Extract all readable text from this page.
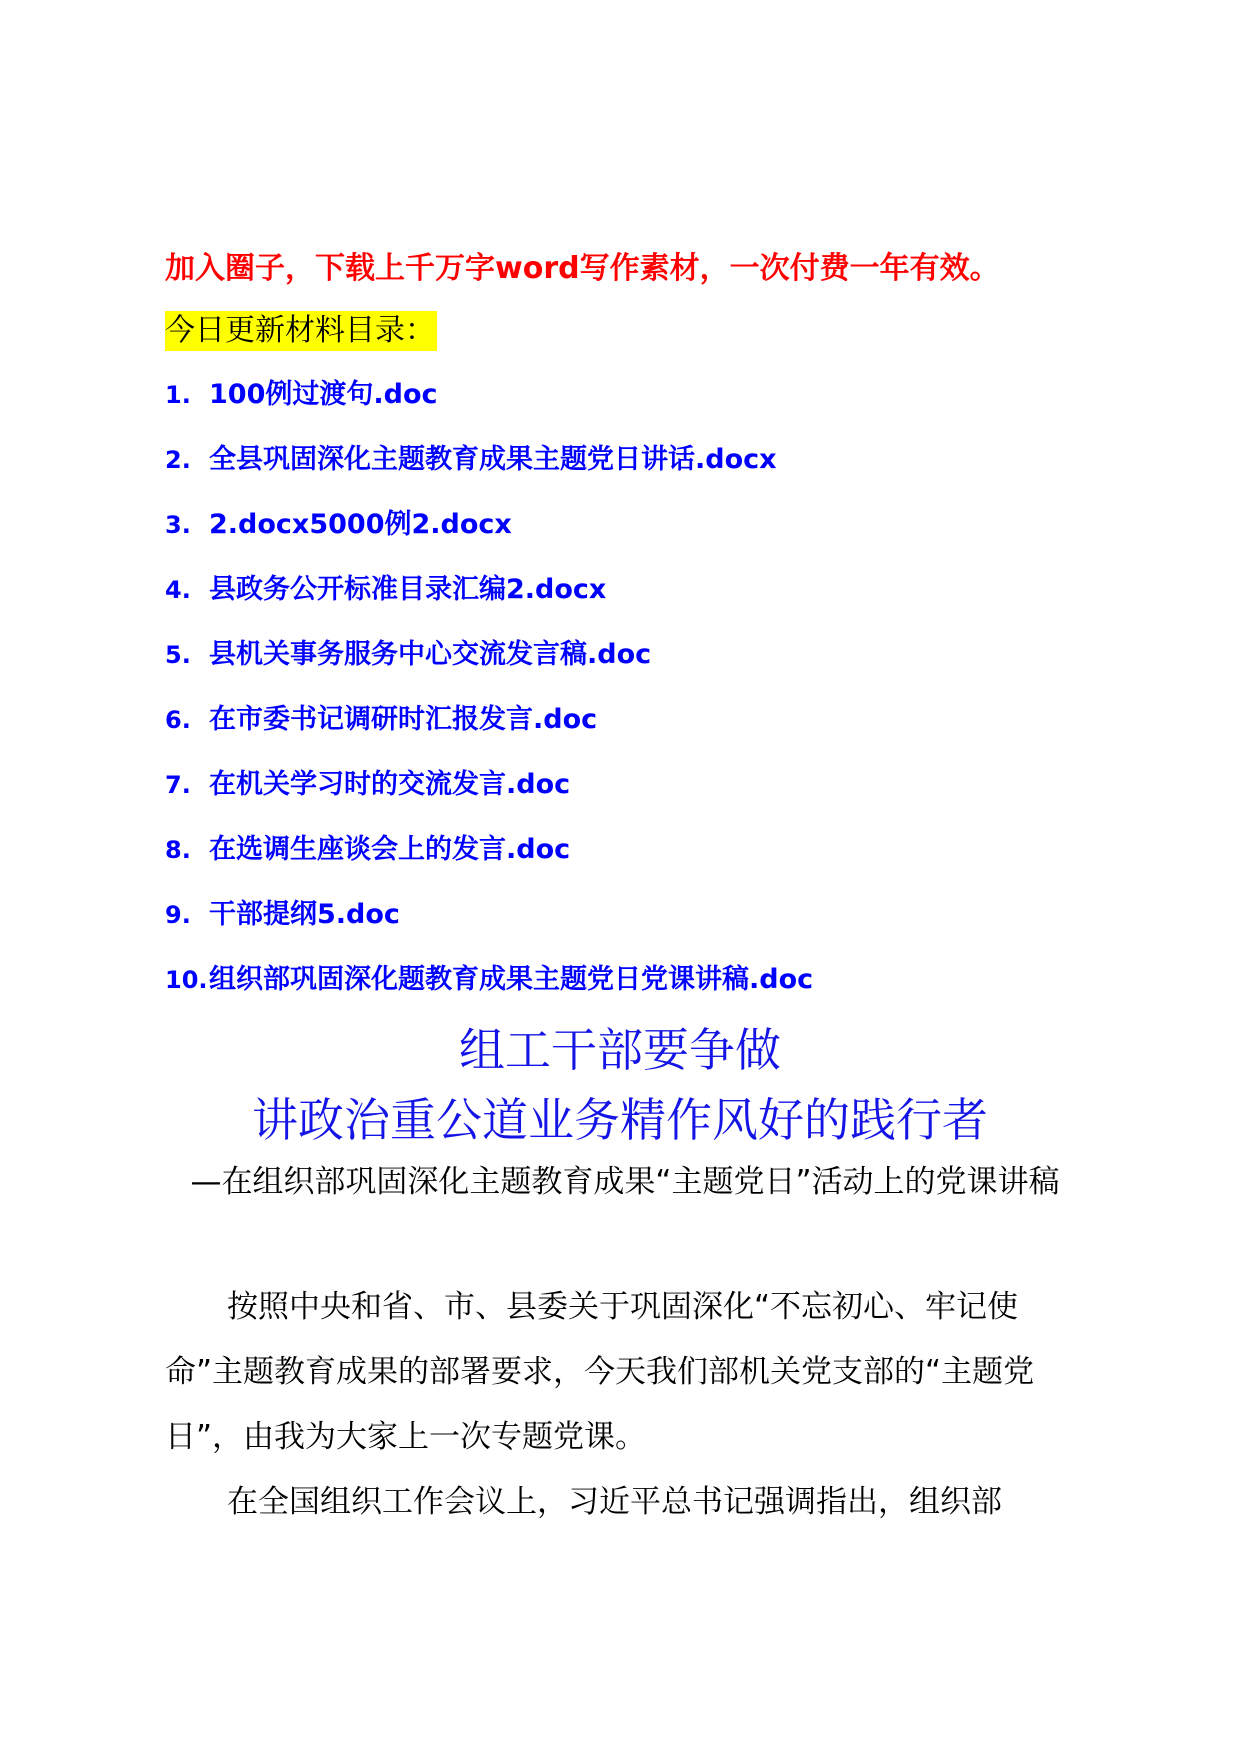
加入圈子，下载上千万字word写作素材，一次付费一年有效。
今日更新材料目录：
1. 100例过渡句.doc
2. 全县巩固深化主题教育成果主题党日讲话.docx
3. 2.docx5000例2.docx
4. 县政务公开标准目录汇编2.docx
5. 县机关事务服务中心交流发言稿.doc
6. 在市委书记调研时汇报发言.doc
7. 在机关学习时的交流发言.doc
8. 在选调生座谈会上的发言.doc
9. 干部提纲5.doc
10. 组织部巩固深化题教育成果主题党日党课讲稿.doc
组工干部要争做
讲政治重公道业务精作风好的践行者
—在组织部巩固深化主题教育成果“主题党日”活动上的党课讲稿

按照中央和省、市、县委关于巩固深化“不忘初心、牢记使命”主题教育成果的部署要求，今天我们部机关党支部的“主题党日”，由我为大家上一次专题党课。

在全国组织工作会议上，习近平总书记强调指出，组织部
